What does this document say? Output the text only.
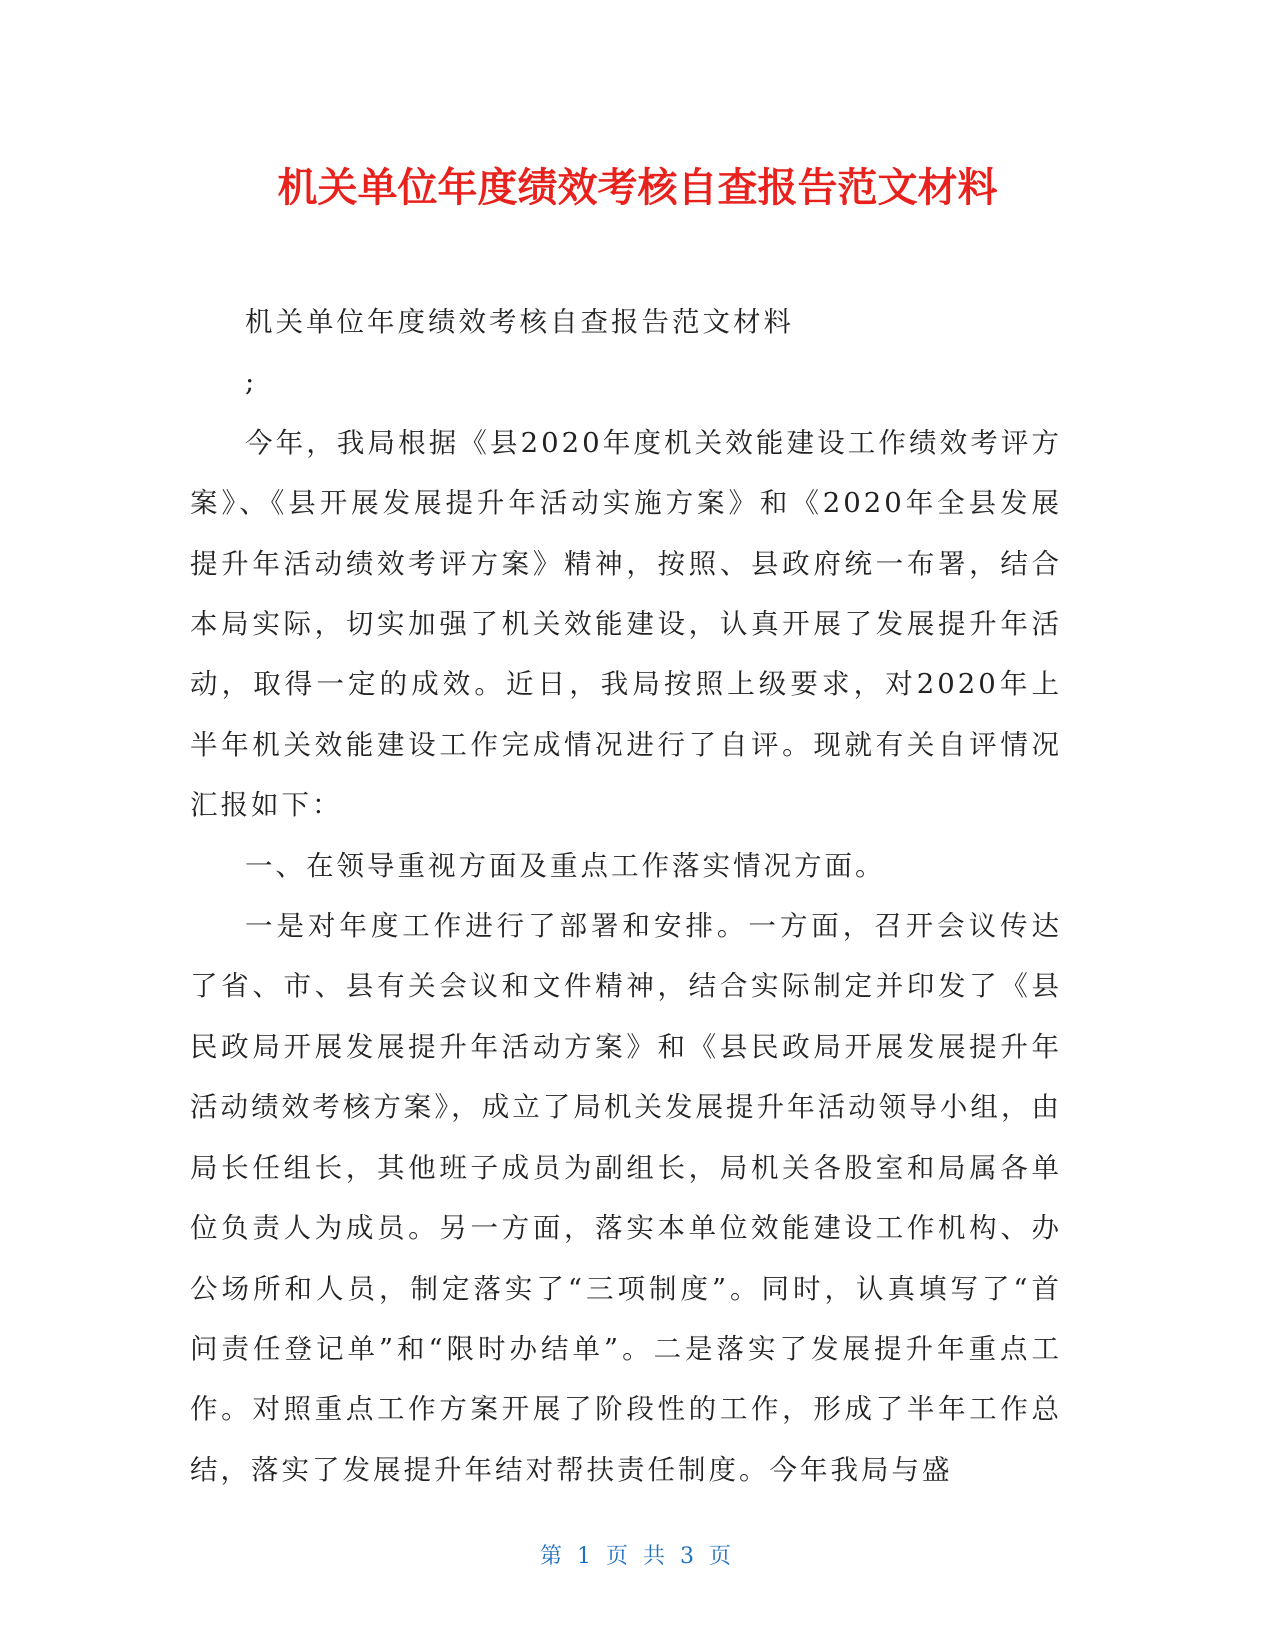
机关单位年度绩效考核自查报告范文材料

机关单位年度绩效考核自查报告范文材料

;

今年，我局根据《县2020年度机关效能建设工作绩效考评方案》、《县开展发展提升年活动实施方案》和《2020年全县发展提升年活动绩效考评方案》精神，按照、县政府统一布署，结合本局实际，切实加强了机关效能建设，认真开展了发展提升年活动，取得一定的成效。近日，我局按照上级要求，对2020年上半年机关效能建设工作完成情况进行了自评。现就有关自评情况汇报如下：

一、在领导重视方面及重点工作落实情况方面。

一是对年度工作进行了部署和安排。一方面，召开会议传达了省、市、县有关会议和文件精神，结合实际制定并印发了《县民政局开展发展提升年活动方案》和《县民政局开展发展提升年活动绩效考核方案》，成立了局机关发展提升年活动领导小组，由局长任组长，其他班子成员为副组长，局机关各股室和局属各单位负责人为成员。另一方面，落实本单位效能建设工作机构、办公场所和人员，制定落实了“三项制度”。同时，认真填写了“首问责任登记单”和“限时办结单”。二是落实了发展提升年重点工作。对照重点工作方案开展了阶段性的工作，形成了半年工作总结，落实了发展提升年结对帮扶责任制度。今年我局与盛

第 1 页 共 3 页
